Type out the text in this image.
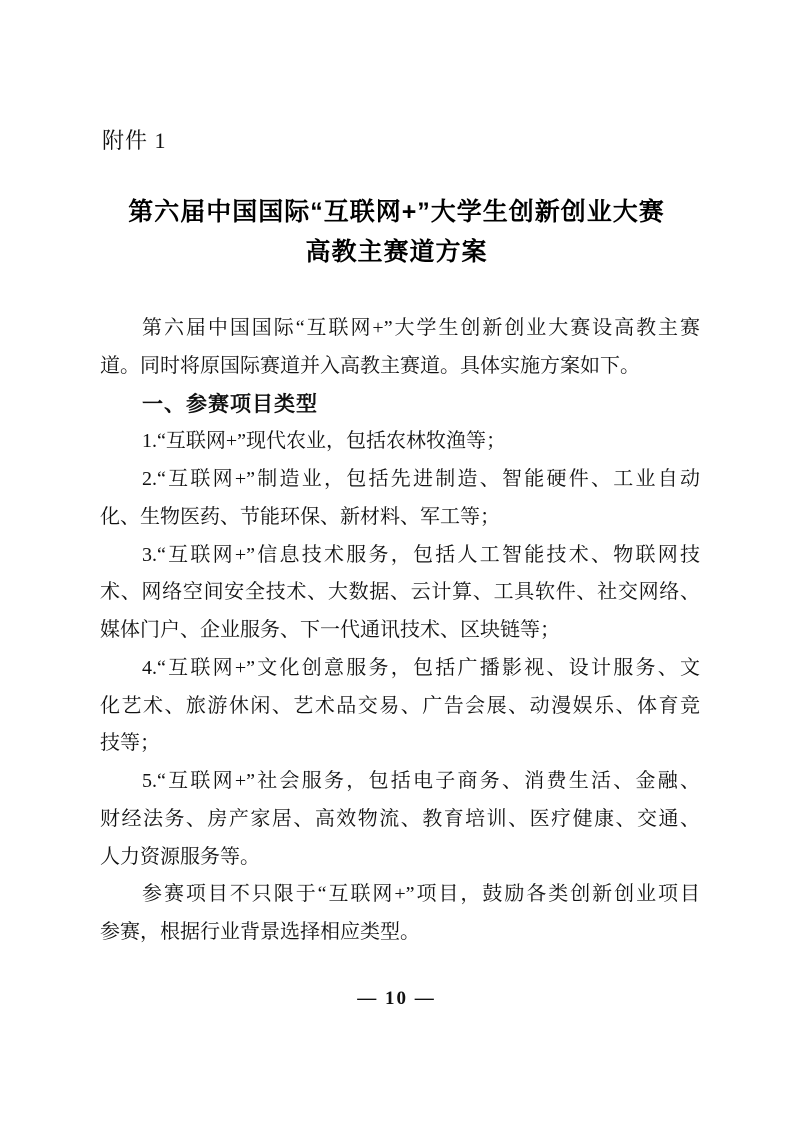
附件 1
第六届中国国际“互联网+”大学生创新创业大赛
高教主赛道方案
第六届中国国际“互联网+”大学生创新创业大赛设高教主赛
道。同时将原国际赛道并入高教主赛道。具体实施方案如下。
一、参赛项目类型
1.“互联网+”现代农业，包括农林牧渔等；
2.“互联网+”制造业，包括先进制造、智能硬件、工业自动
化、生物医药、节能环保、新材料、军工等；
3.“互联网+”信息技术服务，包括人工智能技术、物联网技
术、网络空间安全技术、大数据、云计算、工具软件、社交网络、
媒体门户、企业服务、下一代通讯技术、区块链等；
4.“互联网+”文化创意服务，包括广播影视、设计服务、文
化艺术、旅游休闲、艺术品交易、广告会展、动漫娱乐、体育竞
技等；
5.“互联网+”社会服务，包括电子商务、消费生活、金融、
财经法务、房产家居、高效物流、教育培训、医疗健康、交通、
人力资源服务等。
参赛项目不只限于“互联网+”项目，鼓励各类创新创业项目
参赛，根据行业背景选择相应类型。
— 10 —
